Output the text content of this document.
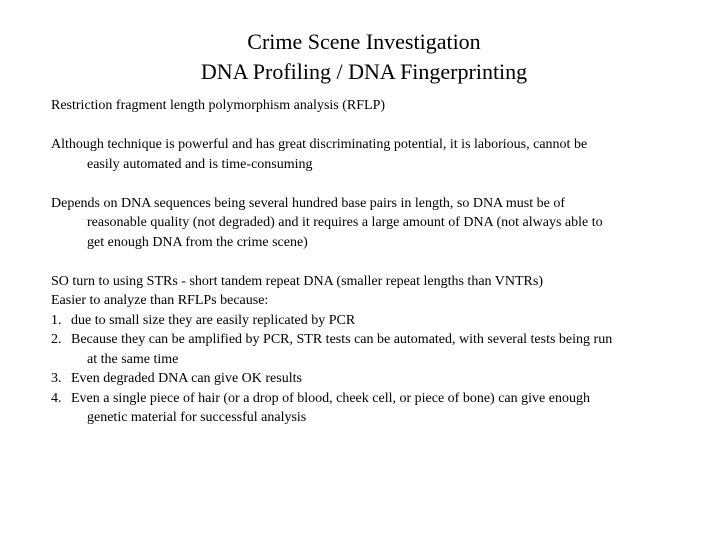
Crime Scene Investigation
DNA Profiling / DNA Fingerprinting

Restriction fragment length polymorphism analysis (RFLP)

Although technique is powerful and has great discriminating potential, it is laborious, cannot be
easily automated and is time-consuming

Depends on DNA sequences being several hundred base pairs in length, so DNA must be of
reasonable quality (not degraded) and it requires a large amount of DNA (not always able to
get enough DNA from the crime scene)

SO turn to using STRs - short tandem repeat DNA (smaller repeat lengths than VNTRs)

Easier to analyze than RFLPs because:

1. due to small size they are easily replicated by PCR

2. Because they can be amplified by PCR, STR tests can be automated, with several tests being run
at the same time

3. Even degraded DNA can give OK results

4. Even a single piece of hair (or a drop of blood, cheek cell, or piece of bone) can give enough
genetic material for successful analysis
